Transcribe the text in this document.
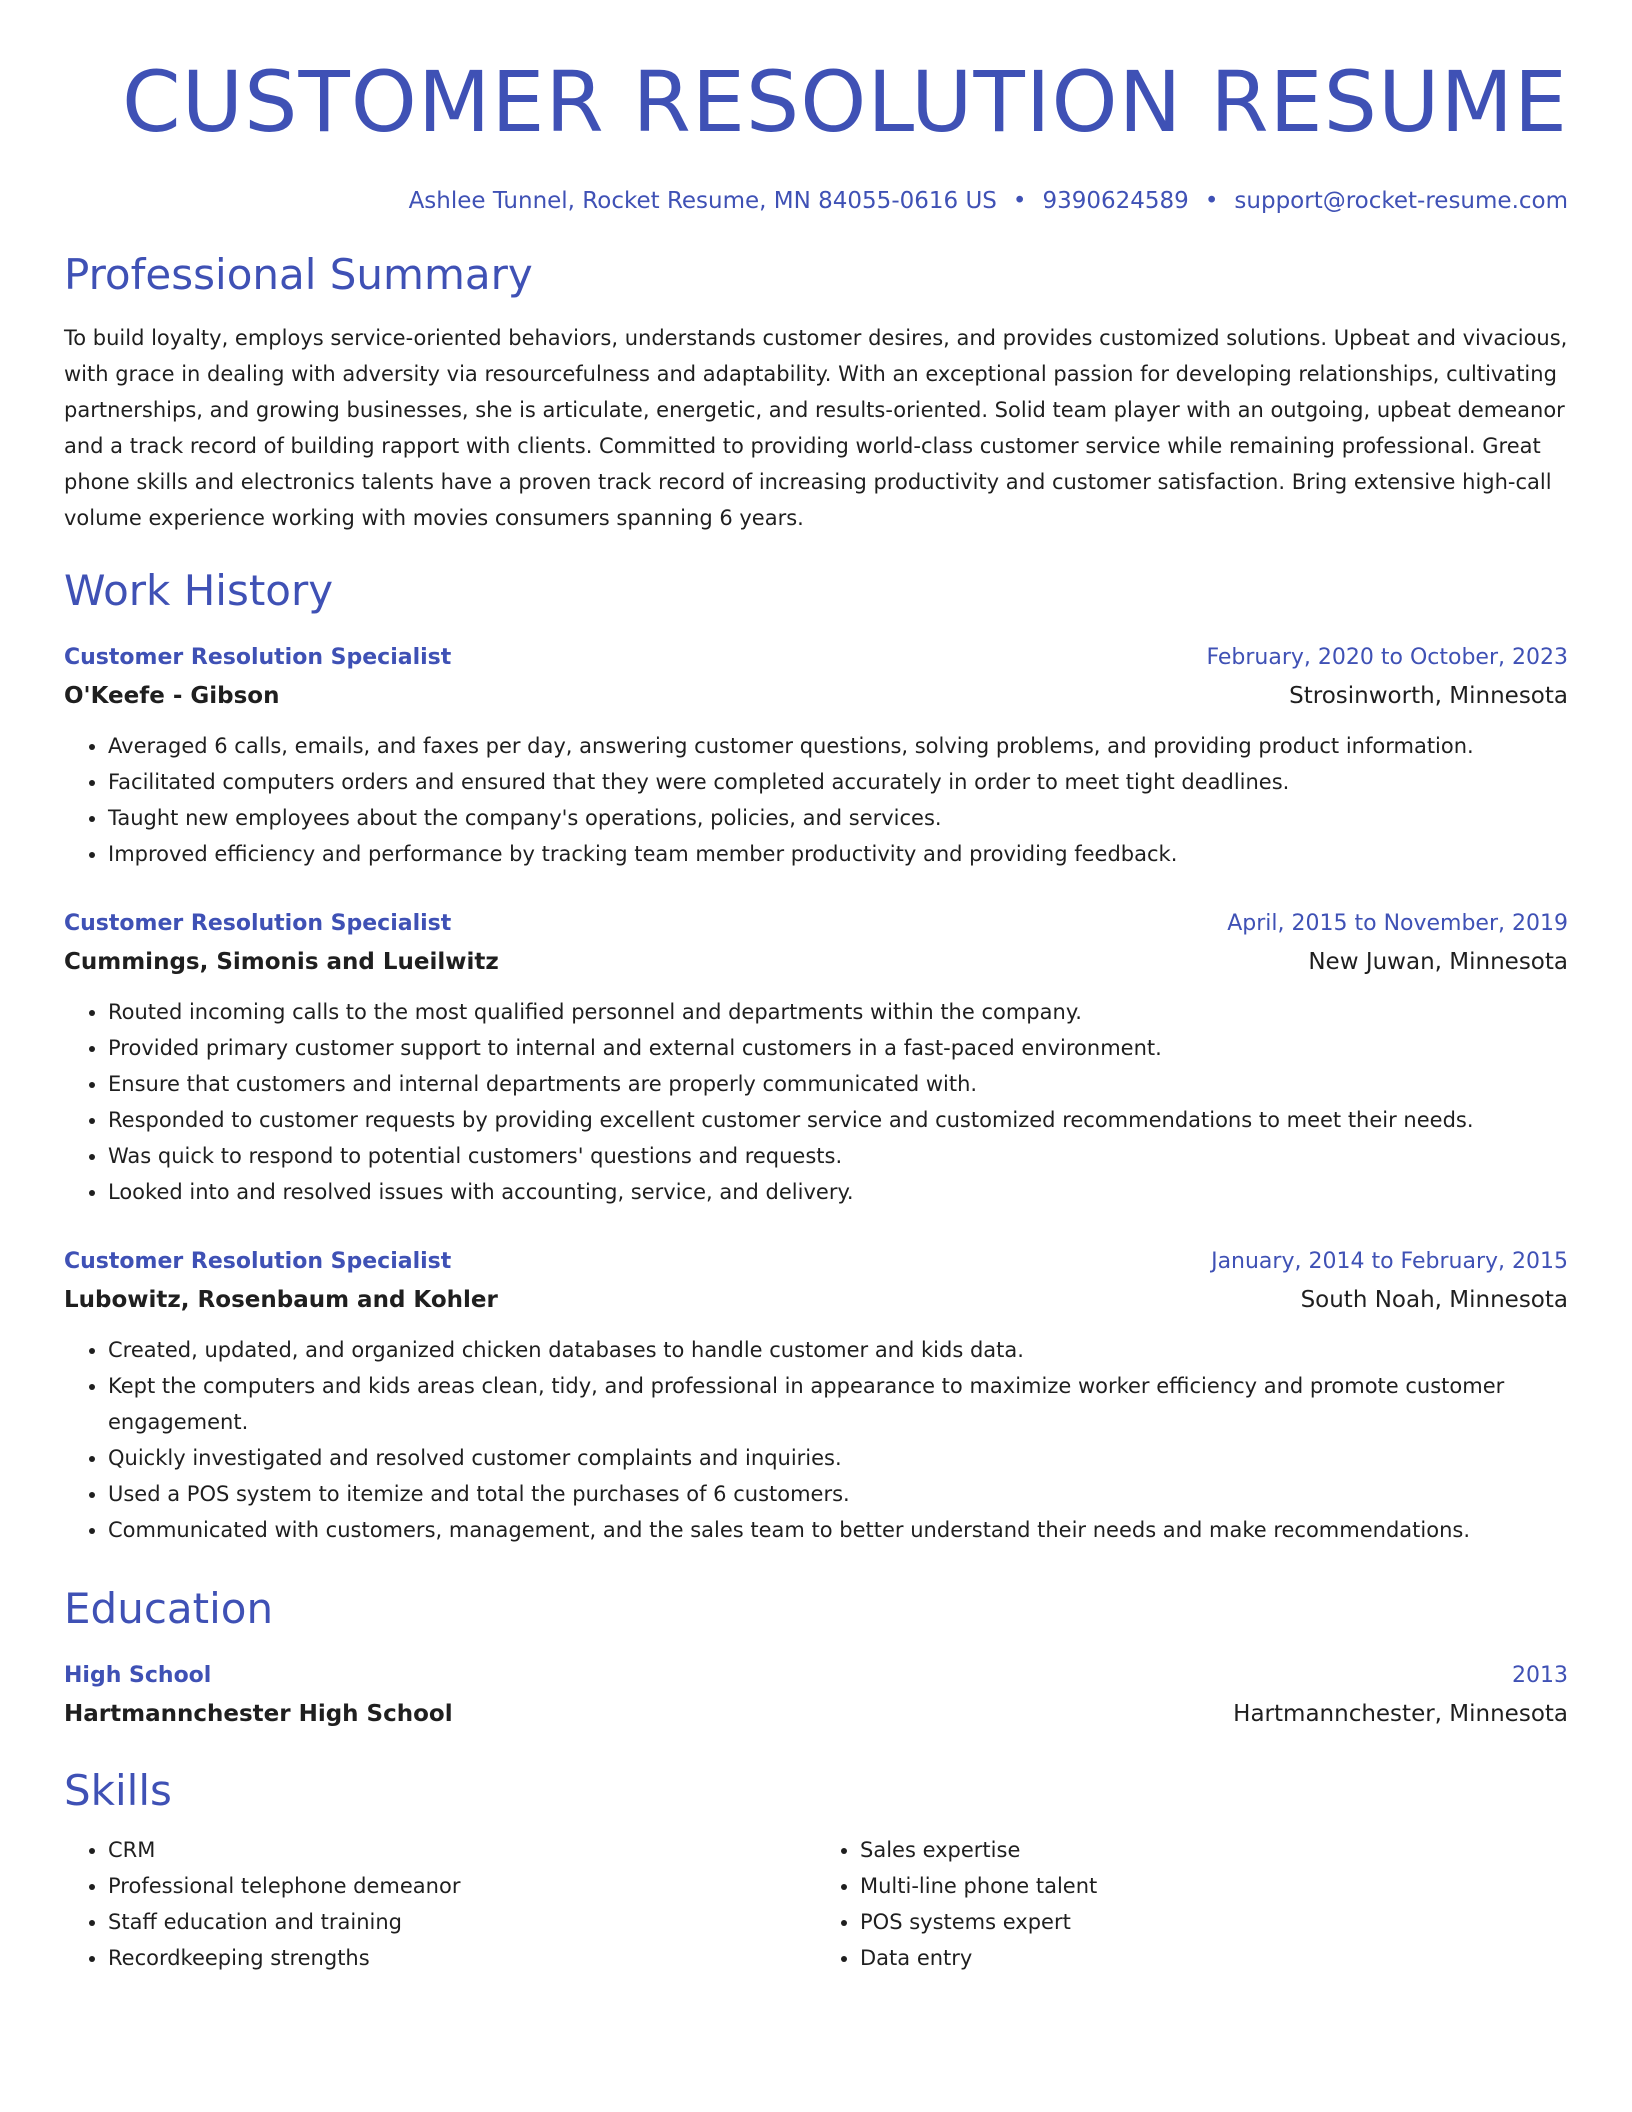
CUSTOMER RESOLUTION RESUME
Ashlee Tunnel, Rocket Resume, MN 84055-0616 US • 9390624589 • support@rocket-resume.com
Professional Summary
To build loyalty, employs service-oriented behaviors, understands customer desires, and provides customized solutions. Upbeat and vivacious, with grace in dealing with adversity via resourcefulness and adaptability. With an exceptional passion for developing relationships, cultivating partnerships, and growing businesses, she is articulate, energetic, and results-oriented. Solid team player with an outgoing, upbeat demeanor and a track record of building rapport with clients. Committed to providing world-class customer service while remaining professional. Great phone skills and electronics talents have a proven track record of increasing productivity and customer satisfaction. Bring extensive high-call volume experience working with movies consumers spanning 6 years.
Work History
Customer Resolution Specialist	February, 2020 to October, 2023
O'Keefe - Gibson	Strosinworth, Minnesota
• Averaged 6 calls, emails, and faxes per day, answering customer questions, solving problems, and providing product information.
• Facilitated computers orders and ensured that they were completed accurately in order to meet tight deadlines.
• Taught new employees about the company's operations, policies, and services.
• Improved efficiency and performance by tracking team member productivity and providing feedback.
Customer Resolution Specialist	April, 2015 to November, 2019
Cummings, Simonis and Lueilwitz	New Juwan, Minnesota
• Routed incoming calls to the most qualified personnel and departments within the company.
• Provided primary customer support to internal and external customers in a fast-paced environment.
• Ensure that customers and internal departments are properly communicated with.
• Responded to customer requests by providing excellent customer service and customized recommendations to meet their needs.
• Was quick to respond to potential customers' questions and requests.
• Looked into and resolved issues with accounting, service, and delivery.
Customer Resolution Specialist	January, 2014 to February, 2015
Lubowitz, Rosenbaum and Kohler	South Noah, Minnesota
• Created, updated, and organized chicken databases to handle customer and kids data.
• Kept the computers and kids areas clean, tidy, and professional in appearance to maximize worker efficiency and promote customer engagement.
• Quickly investigated and resolved customer complaints and inquiries.
• Used a POS system to itemize and total the purchases of 6 customers.
• Communicated with customers, management, and the sales team to better understand their needs and make recommendations.
Education
High School	2013
Hartmannchester High School	Hartmannchester, Minnesota
Skills
• CRM
• Professional telephone demeanor
• Staff education and training
• Recordkeeping strengths
• Sales expertise
• Multi-line phone talent
• POS systems expert
• Data entry
